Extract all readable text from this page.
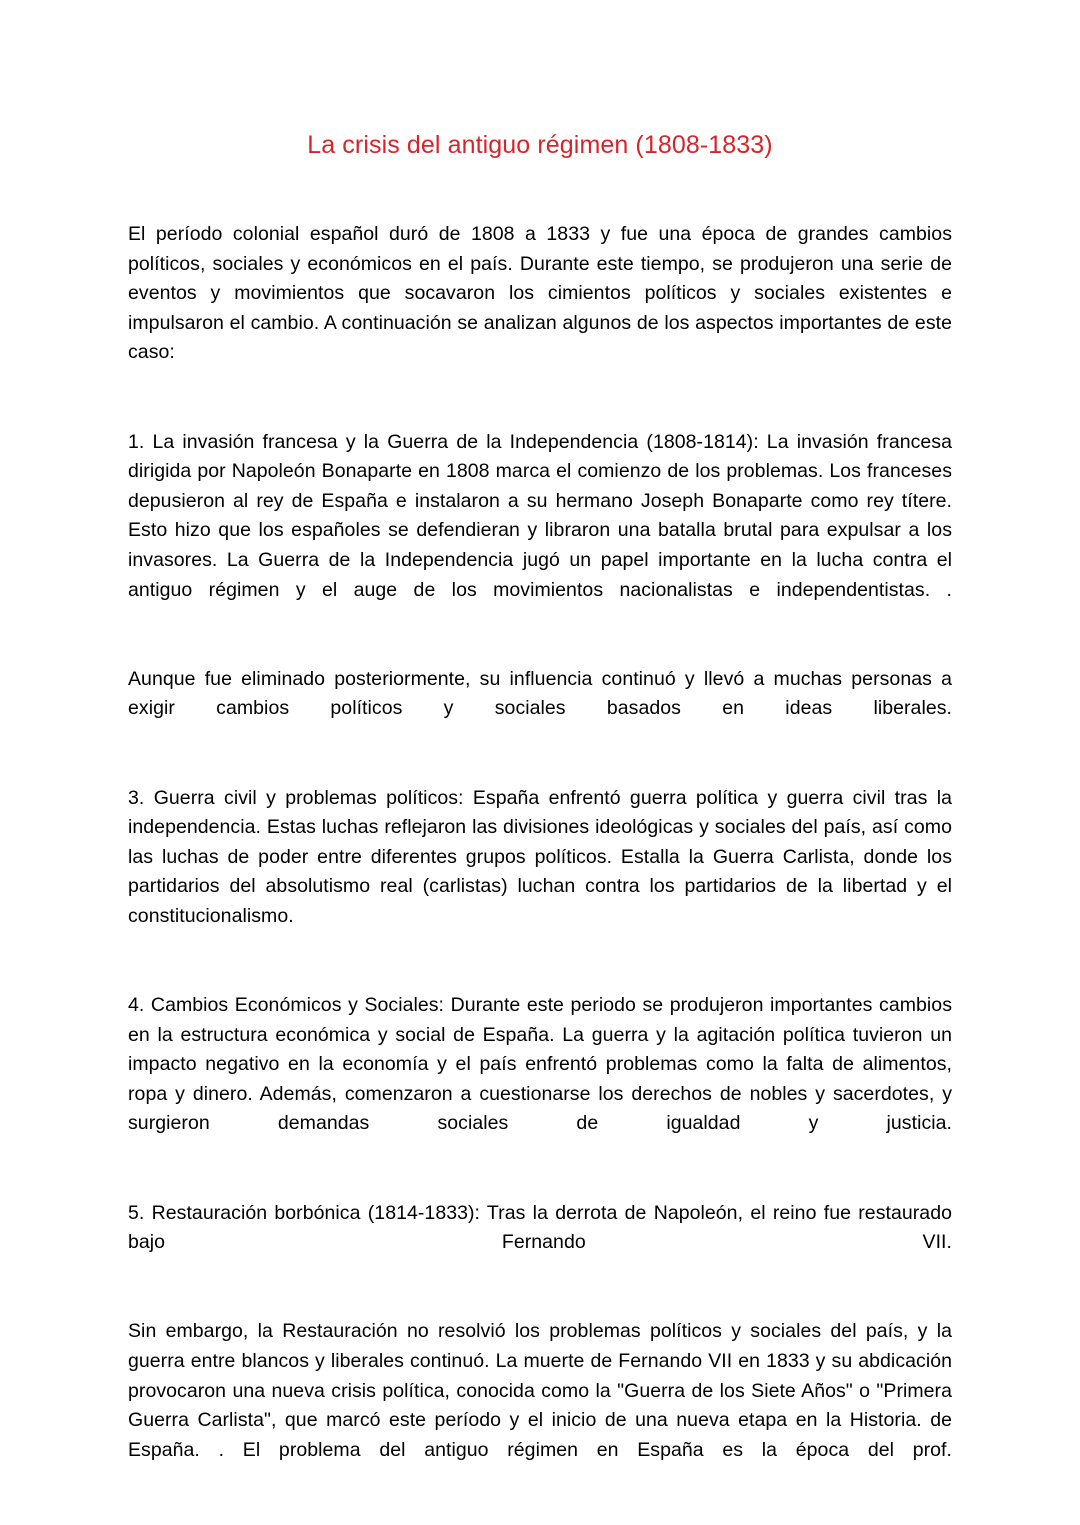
La crisis del antiguo régimen (1808-1833)

El período colonial español duró de 1808 a 1833 y fue una época de grandes cambios políticos, sociales y económicos en el país. Durante este tiempo, se produjeron una serie de eventos y movimientos que socavaron los cimientos políticos y sociales existentes e impulsaron el cambio. A continuación se analizan algunos de los aspectos importantes de este caso:

1. La invasión francesa y la Guerra de la Independencia (1808-1814): La invasión francesa dirigida por Napoleón Bonaparte en 1808 marca el comienzo de los problemas. Los franceses depusieron al rey de España e instalaron a su hermano Joseph Bonaparte como rey títere. Esto hizo que los españoles se defendieran y libraron una batalla brutal para expulsar a los invasores. La Guerra de la Independencia jugó un papel importante en la lucha contra el antiguo régimen y el auge de los movimientos nacionalistas e independentistas. .

Aunque fue eliminado posteriormente, su influencia continuó y llevó a muchas personas a exigir cambios políticos y sociales basados en ideas liberales.

3. Guerra civil y problemas políticos: España enfrentó guerra política y guerra civil tras la independencia. Estas luchas reflejaron las divisiones ideológicas y sociales del país, así como las luchas de poder entre diferentes grupos políticos. Estalla la Guerra Carlista, donde los partidarios del absolutismo real (carlistas) luchan contra los partidarios de la libertad y el constitucionalismo.

4. Cambios Económicos y Sociales: Durante este periodo se produjeron importantes cambios en la estructura económica y social de España. La guerra y la agitación política tuvieron un impacto negativo en la economía y el país enfrentó problemas como la falta de alimentos, ropa y dinero. Además, comenzaron a cuestionarse los derechos de nobles y sacerdotes, y surgieron demandas sociales de igualdad y justicia.

5. Restauración borbónica (1814-1833): Tras la derrota de Napoleón, el reino fue restaurado bajo Fernando VII.

Sin embargo, la Restauración no resolvió los problemas políticos y sociales del país, y la guerra entre blancos y liberales continuó. La muerte de Fernando VII en 1833 y su abdicación provocaron una nueva crisis política, conocida como la "Guerra de los Siete Años" o "Primera Guerra Carlista", que marcó este período y el inicio de una nueva etapa en la Historia. de España. . El problema del antiguo régimen en España es la época del prof.
